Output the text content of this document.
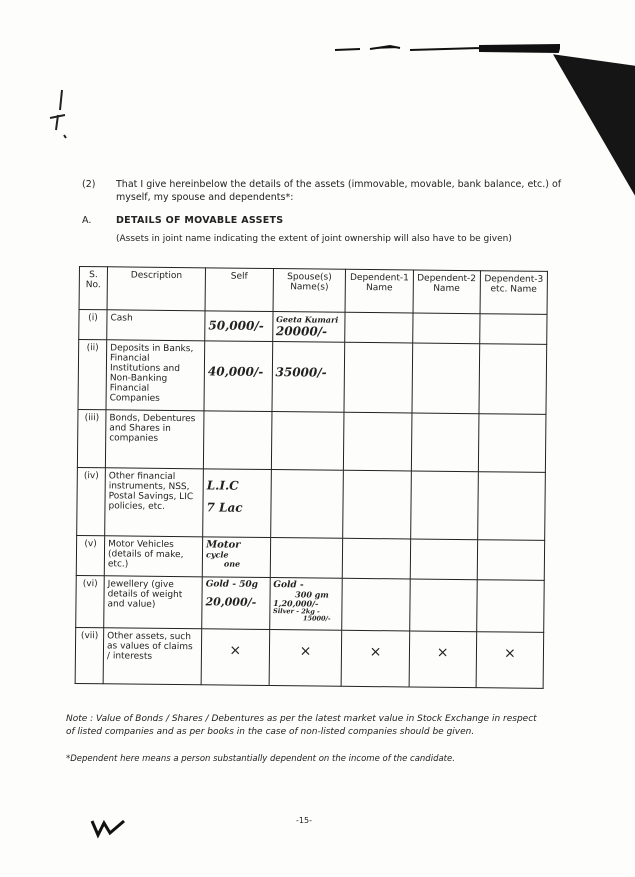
(2) That I give hereinbelow the details of the assets (immovable, movable, bank balance, etc.) of myself, my spouse and dependents*:
A.	DETAILS OF MOVABLE ASSETS
(Assets in joint name indicating the extent of joint ownership will also have to be given)
S. No.	Description	Self	Spouse(s) Name(s)	Dependent-1 Name	Dependent-2 Name	Dependent-3 etc. Name
(i)	Cash	50,000/-	Geeta Kumari
20000/-			

(ii)	Deposits in Banks, Financial Institutions and Non-Banking Financial Companies	40,000/-	35000/-			

(iii)	Bonds, Debentures and Shares in companies					
(iv)	Other financial instruments, NSS, Postal Savings, LIC policies, etc.	L.I.C
7 Lac				

(v)	Motor Vehicles (details of make, etc.)	Motor
cycle
one				

(vi)	Jewellery (give details of weight and value)	Gold - 50g
20,000/-	Gold -
300 gm
1,20,000/-
Silver - 2kg -
15000/-			

(vii)	Other assets, such as values of claims / interests	×	×	×	×	×
Note : Value of Bonds / Shares / Debentures as per the latest market value in Stock Exchange in respect of listed companies and as per books in the case of non-listed companies should be given.
*Dependent here means a person substantially dependent on the income of the candidate.
-15-
